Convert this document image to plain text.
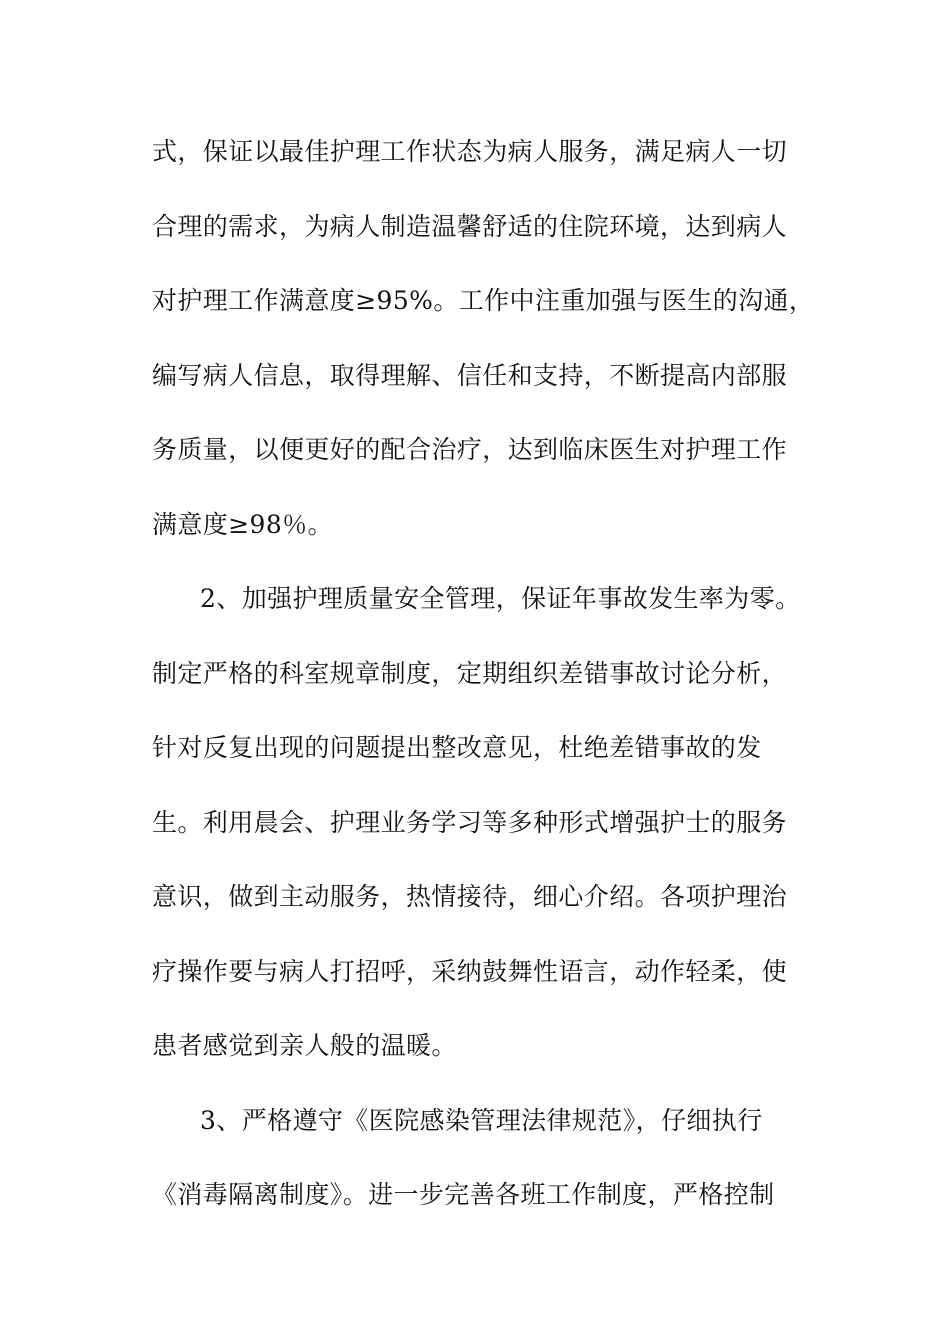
式，保证以最佳护理工作状态为病人服务，满足病人一切
合理的需求，为病人制造温馨舒适的住院环境，达到病人
对护理工作满意度≥95%。工作中注重加强与医生的沟通，
编写病人信息，取得理解、信任和支持，不断提高内部服
务质量，以便更好的配合治疗，达到临床医生对护理工作
满意度≥98％。
2、加强护理质量安全管理，保证年事故发生率为零。
制定严格的科室规章制度，定期组织差错事故讨论分析，
针对反复出现的问题提出整改意见，杜绝差错事故的发
生。利用晨会、护理业务学习等多种形式增强护士的服务
意识，做到主动服务，热情接待，细心介绍。各项护理治
疗操作要与病人打招呼，采纳鼓舞性语言，动作轻柔，使
患者感觉到亲人般的温暖。
3、严格遵守《医院感染管理法律规范》，仔细执行
《消毒隔离制度》。进一步完善各班工作制度，严格控制
